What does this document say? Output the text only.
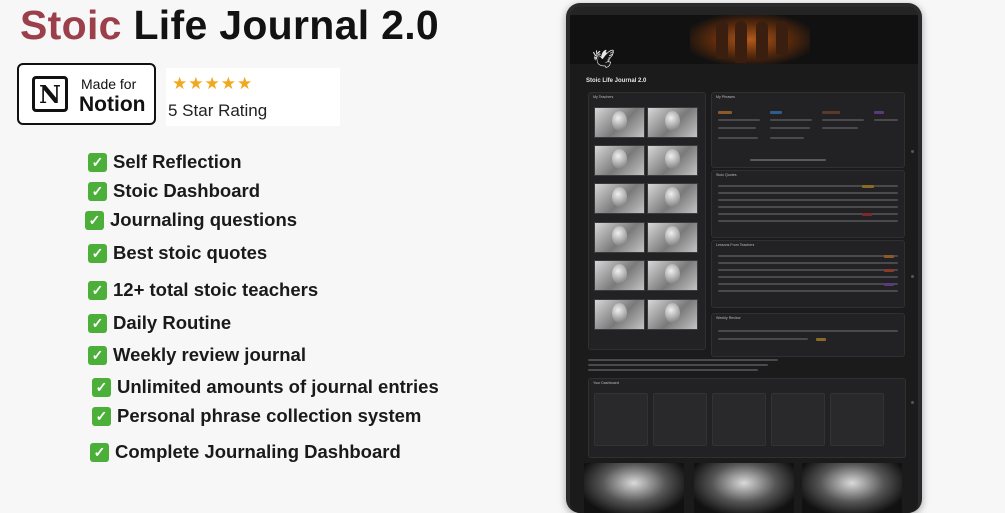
Stoic Life Journal 2.0
N	Made for
Notion
★★★★★
5 Star Rating
✓ Self Reflection
✓ Stoic Dashboard
✓ Journaling questions
✓ Best stoic quotes
✓ 12+ total stoic teachers
✓ Daily Routine
✓ Weekly review journal
✓ Unlimited amounts of journal entries
✓ Personal phrase collection system
✓ Complete Journaling Dashboard
🕊
Stoic Life Journal 2.0
My Teachers	My Phrases
Stoic Quotes
Lessons From Teachers
Weekly Review
Your Dashboard
